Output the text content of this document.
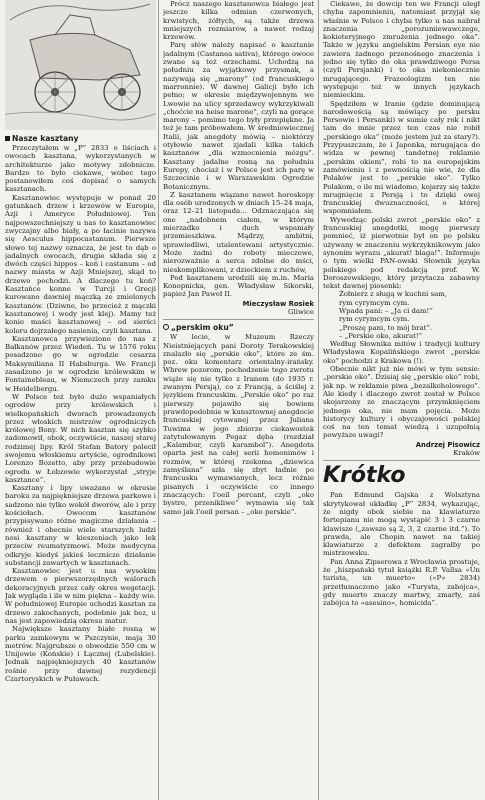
Nasze kasztany

Przeczytałem w „P” 2833 o liściach i owocach kasztana, wykorzystanych w architekturze jako motywy zdobnicze. Bardzo to było ciekawe, wobec tego postanowiłem coś dopisać o samych kasztanach.

Kasztanowiec występuje w ponad 20 gatunkach drzew i krzewów w Europie, Azji i Ameryce Południowej. Ten najpowszechniejszy u nas to kasztanowiec zwyczajny albo biały, a po łacinie nazywa się Aesculus hippocastanum. Pierwsze słowo tej nazwy oznacza, że jest to dąb o jadalnych owocach, drugie składa się z dwóch części hippos – koń i castanum – od nazwy miasta w Azji Mniejszej, skąd to drzewo pochodzi. A dlaczego tu koń? Kasztańce konne w Turcji i Grecji kurowano dawniej mączką ze zmielonych kasztanów. (Dziwne, bo przecież z mączki kasztanowej i wody jest klej). Mamy też konie maści kasztanowej – od sierści koloru dojrzałego nasienia, czyli kasztana.

Kasztanowca przywieziono do nas z Bałkanów przez Wiedeń. Tu w 1576 roku posadzono go w ogrodzie cesarza Maksymiliana II Habsburga. We Francji zasadzono je w ogrodzie królewskim w Fontainebleau, w Niemczech przy zamku w Heidelbergu.

W Polsce też było dużo wspaniałych ogrodów przy królewskich i wielkopańskich dworach prowadzonych przez włoskich mistrzów ogrodniczych królowej Bony. W nich kasztan się szybko zadomowił, obok, oczywiście, naszej starej rodzimej lipy. Król Stefan Batory polecił swojemu włoskiemu artyście, ogrodnikowi Lorenzo Bozetto, aby przy przebudowie ogrodu w Łobzowie wykorzystał „stryje kasztance”.

Kasztany i lipy uważano w okresie baroku za najpiękniejsze drzewa parkowe i sadzono nie tylko wokół dworów, ale i przy kościołach. Owocom kasztanów przypisywano różne magiczne działania – również i obecnie wiele starszych ludzi nosi kasztany w kieszeniach jako lek przeciw reumatyzmowi. Może medycyna odkryje kiedyś jakieś lecznicze działanie substancji zawartych w kasztanach.

Kasztanowiec jest u nas wysokim drzewem o pierwszorzędnych walorach dekoracyjnych przez cały okres wegetacji. Jak wygląda i ile w nim piękna – każdy wie. W południowej Europie uchodzi kasztan za drzewo zakochanych, podobnie jak bez, u nas jest zapowiedzią okresu matur.

Największe kasztany białe rosną w parku zamkowym w Pszczynie, mają 30 metrów. Najgrubsze o obwodzie 550 cm w Unijowie (Końskie) i Łącznej (Lubelskie). Jednak najpiękniejszych 40 kasztanów rośnie przy dawnej rezydencji Czartoryskich w Puławach.

Prócz naszego kasztanowca białego jest jeszcze kilka odmian czerwonych, krwistych, żółtych, są także drzewa mniejszych rozmiarów, a nawet rodzaj krzewów.

Parę słów należy napisać o kasztanie jadalnym (Castanea sativa), którego owoce zwane są też orzechami. Uchodzą na południu za wyjątkowy przysmak, a nazywają się „marony” (od francuskiego marronnie). W dawnej Galicji było ich pełno; w okresie międzywojennym we Lwowie na ulicy sprzedawcy wykrzykiwali „choćcie na heise marone”, czyli na gorące marony – pomimo tego były przepiękne. Ja też je tam próbowałem. W średniowiecznej Italii, jak anegdoty mówią – niektórzy otyłowie nawet zjadali kilka takich kasztanów „dla wzmocnienia mózgu”. Kasztany jadalne rosną na południu Europy, chociaż i w Polsce jest ich parę w Szczecinie i w Warszawskim Ogrodzie Botanicznym.

Z kasztanem wiązano nawet horoskopy dla osób urodzonych w dniach 15–24 maja, oraz 12–21 listopada… Odznaczająca się one „nadobnem ciałem, w którym mierzadko i duch wspaniały przemieszkiwa. Mądrzy, ambitni, sprawiedliwi, utalentowani artystycznie. Może żadni do roboty mieczowe, nierozważnie a serca zdolne do mści, nieskomplikowani, z dzieckiem z ruchów,

Pod kasztanem urodzili się m.in. Maria Konopnicka, gen. Władysław Sikorski, papież Jan Paweł II.

Mieczysław Rosiek
Gliwice
„perskim oku”

W lecie, w Muzeum Rzeczy Nieistniejących pani Doroty Terakowskiej znalazło się „perskie oko”, które ze śm. poz. oku komentarz orientalny-irańsky. Wbrew pozorom, pochodzenie tego zwrotu wiąże się nie tylko z Iranem (do 1935 r. zwanym Persją), co z Francją, a ściślej z językiem francuskim. „Perskie oko” po raz pierwszy pojawiło się bowiem prawdopodobnie w kunsztownej anegdocie francuskiej cytowanej przez Juliana Tuwima w jego zbiorze ciekawostek zatytułowanym Pegaz dęba (rozdział „Kalambur, czyli karambol”). Anegdota oparta jest na całej serii homonimów i rozmów, w której rzekoma „dziewica zamyślana” szła się zbyt ładnie po francusku wymawianych, lecz różnie pisanych i oczywiście co innego znaczących: l'oeil percant, czyli „oko bystre, przenikliwe” wymawia się tak samo jak l'oeil persan – „oko perskie”.

Ciekawe, że dowcip ten we Francji uległ chyba zapomnieniu, natomiast przyjął się właśnie w Polsce i chyba tylko u nas nabrał znaczenia „porozumiewawczego, kokieteryjnego zmrużenia jednego oka”. Także w języku angielskim Persian eye nie zawiera żadnego przenośnego znaczenia i jedno się tylko do oka prawdziwego Persa (czyli Persjanki) i to oka niekoniecznie mrugającego. Frazeologizm ten nie występuje też w innych językach niemieckim.

Spędziłem w Iranie (gdzie dominującą narodowością są mówiący po persku Persowie i Persanki) w sumie cały rok i nikt tam do mnie przez ten czas nie robił „perskiego oka” (może jestem już za stary?). Przypuszczam, że i Japonka, mrugająca do widza w pewnej tandetnej reklamie „perskim okiem”, robi to na europejskim zamówieniu i z pewnością nie wie, że dla Polaków jest to „perskie oko”. Tylko Polakom, o ile mi wiadomo, kojarzy się także mrugnięcie z Persją i to dzięki owej francuskiej dwuznaczności, o której wspomniałem.

Wywodząc polski zwrot „perskie oko” z francuskiej anegdotki, mogę pierwszy pomnieć, iż pierwotnie był on po polsku używany w znaczeniu wykrzyknikowym jako synonim wyrazu „akurat! blaga!”. Informuje o tym wielki PAN-owski Słownik języka polskiego pod redakcją prof. W. Doroszewskiego, który przytacza zabawny tekst dawnej piosenki:

Żołnierz z sługą w kuchni sam,

rym cyrymcym cym.

Wpada pani: – „Ja ci dam!”

rym cyrymcym cym.

„Proszę pani, to mój brat”.

– „Perskie oko, akurat!”

Według Słownika mitów i tradycji kultury Władysława Kopalińskiego zwrot „perskie oko” pochodzi z Krakowa (!).

Obecnie nikt już nie mówi w tym sensie: „perskie oko”. Dzisiaj się „perskie oko” robi, jak np. w reklamie piwa „bezalkoholowego”. Ale kiedy i dlaczego zwrot został w Polsce skojarzony ze znaczącym przymknięciem jednego oka, nie mam pojęcia. Może historycy kultury i obyczajowości polskiej coś na ten temat wiedzą i uzupełnią powyższe uwagi?

Andrzej Pisowicz
Kraków
Krótko

Pan Edmund Gajska z Wolsztyna skrytykował układkę „P” 2834, wykazując, że nigdy obok siebie na klawiaturze fortepianu nie mogą wystąpić 3 i 3 czarne klawisze („zawsze są 2, 3, 2 czarne itd.”). To prawda, ale Chopin nawet na takiej klawiaturze z defektem zagrałby po mistrzowsku.

Pan Anna Zipserowa z Wrocławia prostuje, że „hiszpański tytuł książki R.P. Vallsa «Un turista, un muerto» («P» 2834) przetłumaczono jako «Turysta, zabójca», gdy muerto znaczy martwy, zmarły, zaś zabójca to «asesino», homicida”.
